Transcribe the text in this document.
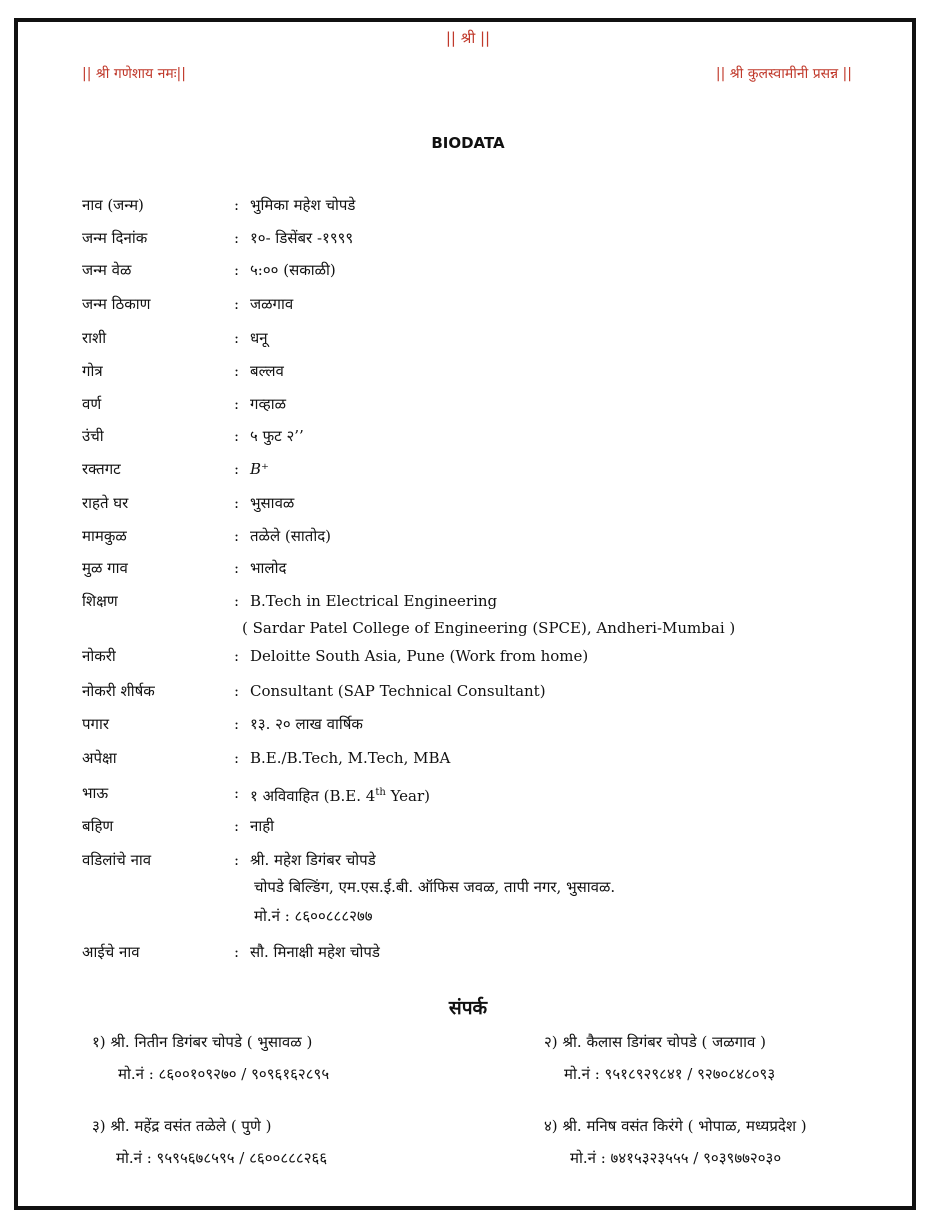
|| श्री ||
|| श्री गणेशाय नमः||	|| श्री कुलस्वामीनी प्रसन्न ||
BIODATA
नाव (जन्म)	: भुमिका महेश चोपडे
जन्म दिनांक	: १०- डिसेंबर -१९९९
जन्म वेळ	: ५:०० (सकाळी)
जन्म ठिकाण	: जळगाव
राशी	: धनू
गोत्र	: बल्लव
वर्ण	: गव्हाळ
उंची	: ५ फुट २’’
रक्तगट	: B⁺
राहते घर	: भुसावळ
मामकुळ	: तळेले (सातोद)
मुळ गाव	: भालोद
शिक्षण	: B.Tech in Electrical Engineering
( Sardar Patel College of Engineering (SPCE), Andheri-Mumbai )
नोकरी	: Deloitte South Asia, Pune (Work from home)
नोकरी शीर्षक	: Consultant (SAP Technical Consultant)
पगार	: १३. २० लाख वार्षिक
अपेक्षा	: B.E./B.Tech, M.Tech, MBA
भाऊ	: १ अविवाहित (B.E. 4th Year)
बहिण	: नाही
वडिलांचे नाव	: श्री. महेश डिगंबर चोपडे
चोपडे बिल्डिंग, एम.एस.ई.बी. ऑफिस जवळ, तापी नगर, भुसावळ.
मो.नं : ८६००८८८२७७
आईचे नाव	: सौ. मिनाक्षी महेश चोपडे
संपर्क
१) श्री. नितीन डिगंबर चोपडे ( भुसावळ )
मो.नं : ८६००१०९२७० / ९०९६१६२८९५
२) श्री. कैलास डिगंबर चोपडे ( जळगाव )
मो.नं : ९५१८९२९८४१ / ९२७०८४८०९३
३) श्री. महेंद्र वसंत तळेले ( पुणे )
मो.नं : ९५९५६७८५९५ / ८६००८८८२६६
४) श्री. मनिष वसंत किरंगे ( भोपाळ, मध्यप्रदेश )
मो.नं : ७४१५३२३५५५ / ९०३९७७२०३०
